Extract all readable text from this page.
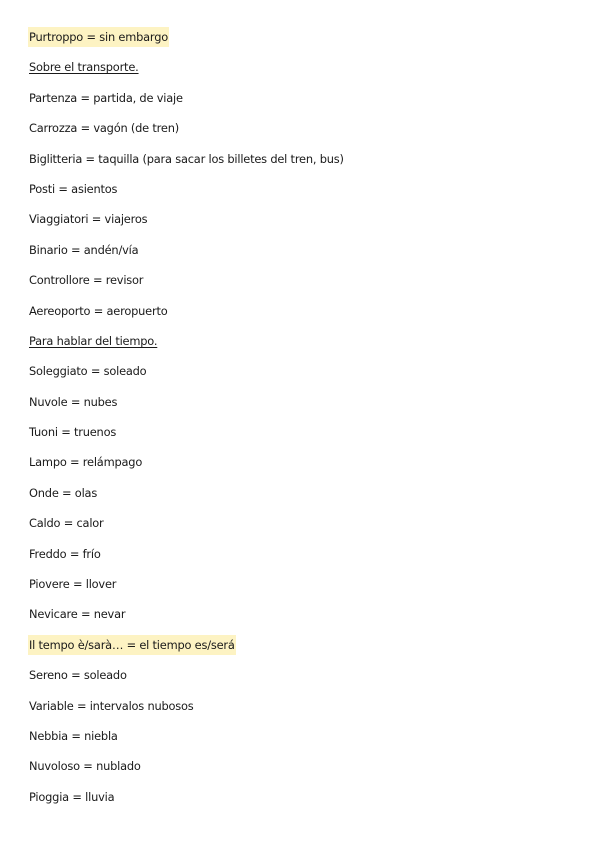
Purtroppo = sin embargo
Sobre el transporte.
Partenza = partida, de viaje
Carrozza = vagón (de tren)
Biglitteria = taquilla (para sacar los billetes del tren, bus)
Posti = asientos
Viaggiatori = viajeros
Binario = andén/vía
Controllore = revisor
Aereoporto = aeropuerto
Para hablar del tiempo.
Soleggiato = soleado
Nuvole = nubes
Tuoni = truenos
Lampo = relámpago
Onde = olas
Caldo = calor
Freddo = frío
Piovere = llover
Nevicare = nevar
Il tempo è/sarà… = el tiempo es/será
Sereno = soleado
Variable = intervalos nubosos
Nebbia = niebla
Nuvoloso = nublado
Pioggia = lluvia
